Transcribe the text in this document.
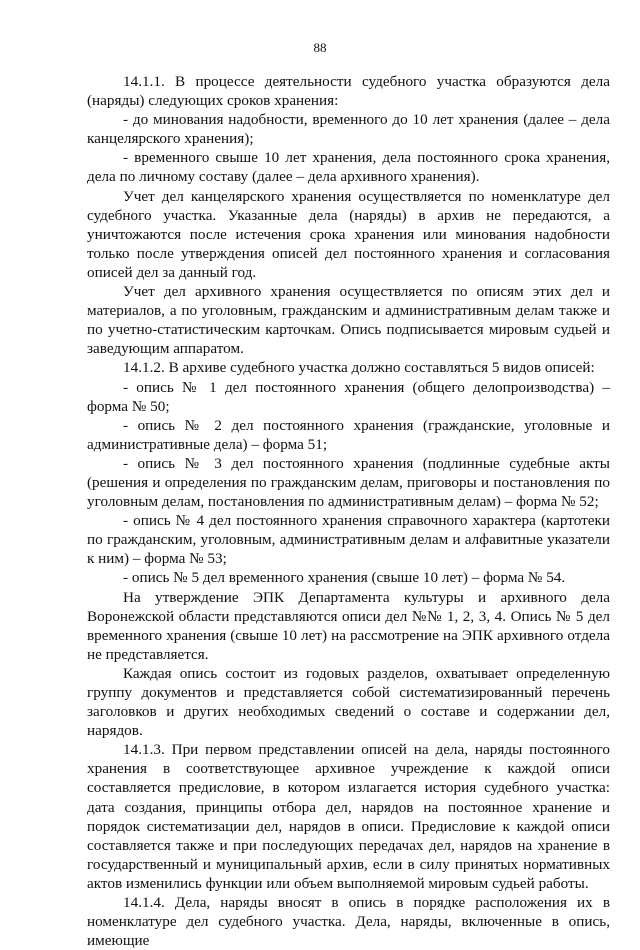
88

14.1.1. В процессе деятельности судебного участка образуются дела (наряды) следующих сроков хранения:

- до минования надобности, временного до 10 лет хранения (далее – дела канцелярского хранения);

- временного свыше 10 лет хранения, дела постоянного срока хранения, дела по личному составу (далее – дела архивного хранения).

Учет дел канцелярского хранения осуществляется по номенклатуре дел судебного участка. Указанные дела (наряды) в архив не передаются, а уничтожаются после истечения срока хранения или минования надобности только после утверждения описей дел постоянного хранения и согласования описей дел за данный год.

Учет дел архивного хранения осуществляется по описям этих дел и материалов, а по уголовным, гражданским и административным делам также и по учетно-статистическим карточкам. Опись подписывается мировым судьей и заведующим аппаратом.

14.1.2. В архиве судебного участка должно составляться 5 видов описей:

- опись № 1 дел постоянного хранения (общего делопроизводства) – форма № 50;

- опись № 2 дел постоянного хранения (гражданские, уголовные и административные дела) – форма 51;

- опись № 3 дел постоянного хранения (подлинные судебные акты (решения и определения по гражданским делам, приговоры и постановления по уголовным делам, постановления по административным делам) – форма № 52;

- опись № 4 дел постоянного хранения справочного характера (картотеки по гражданским, уголовным, административным делам и алфавитные указатели к ним) – форма № 53;

- опись № 5 дел временного хранения (свыше 10 лет) – форма № 54.

На утверждение ЭПК Департамента культуры и архивного дела Воронежской области представляются описи дел №№ 1, 2, 3, 4. Опись № 5 дел временного хранения (свыше 10 лет) на рассмотрение на ЭПК архивного отдела не представляется.

Каждая опись состоит из годовых разделов, охватывает определенную группу документов и представляется собой систематизированный перечень заголовков и других необходимых сведений о составе и содержании дел, нарядов.

14.1.3. При первом представлении описей на дела, наряды постоянного хранения в соответствующее архивное учреждение к каждой описи составляется предисловие, в котором излагается история судебного участка: дата создания, принципы отбора дел, нарядов на постоянное хранение и порядок систематизации дел, нарядов в описи. Предисловие к каждой описи составляется также и при последующих передачах дел, нарядов на хранение в государственный и муниципальный архив, если в силу принятых нормативных актов изменились функции или объем выполняемой мировым судьей работы.

14.1.4. Дела, наряды вносят в опись в порядке расположения их в номенклатуре дел судебного участка. Дела, наряды, включенные в опись, имеющие
